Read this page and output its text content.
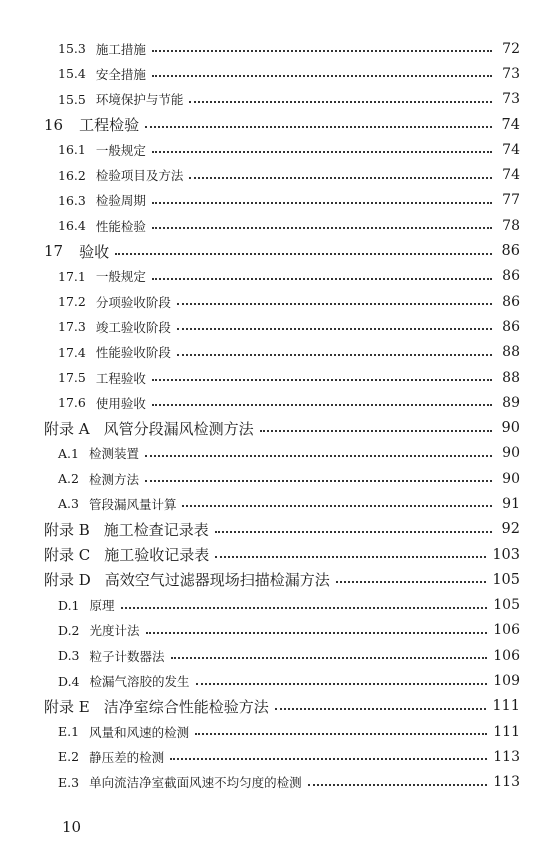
15.3 施工措施	72
15.4 安全措施	73
15.5 环境保护与节能	73
16 工程检验	74
16.1 一般规定	74
16.2 检验项目及方法	74
16.3 检验周期	77
16.4 性能检验	78
17 验收	86
17.1 一般规定	86
17.2 分项验收阶段	86
17.3 竣工验收阶段	86
17.4 性能验收阶段	88
17.5 工程验收	88
17.6 使用验收	89
附录 A 风管分段漏风检测方法	90
A.1 检测装置	90
A.2 检测方法	90
A.3 管段漏风量计算	91
附录 B 施工检查记录表	92
附录 C 施工验收记录表	103
附录 D 高效空气过滤器现场扫描检漏方法	105
D.1 原理	105
D.2 光度计法	106
D.3 粒子计数器法	106
D.4 检漏气溶胶的发生	109
附录 E 洁净室综合性能检验方法	111
E.1 风量和风速的检测	111
E.2 静压差的检测	113
E.3 单向流洁净室截面风速不均匀度的检测	113
10
